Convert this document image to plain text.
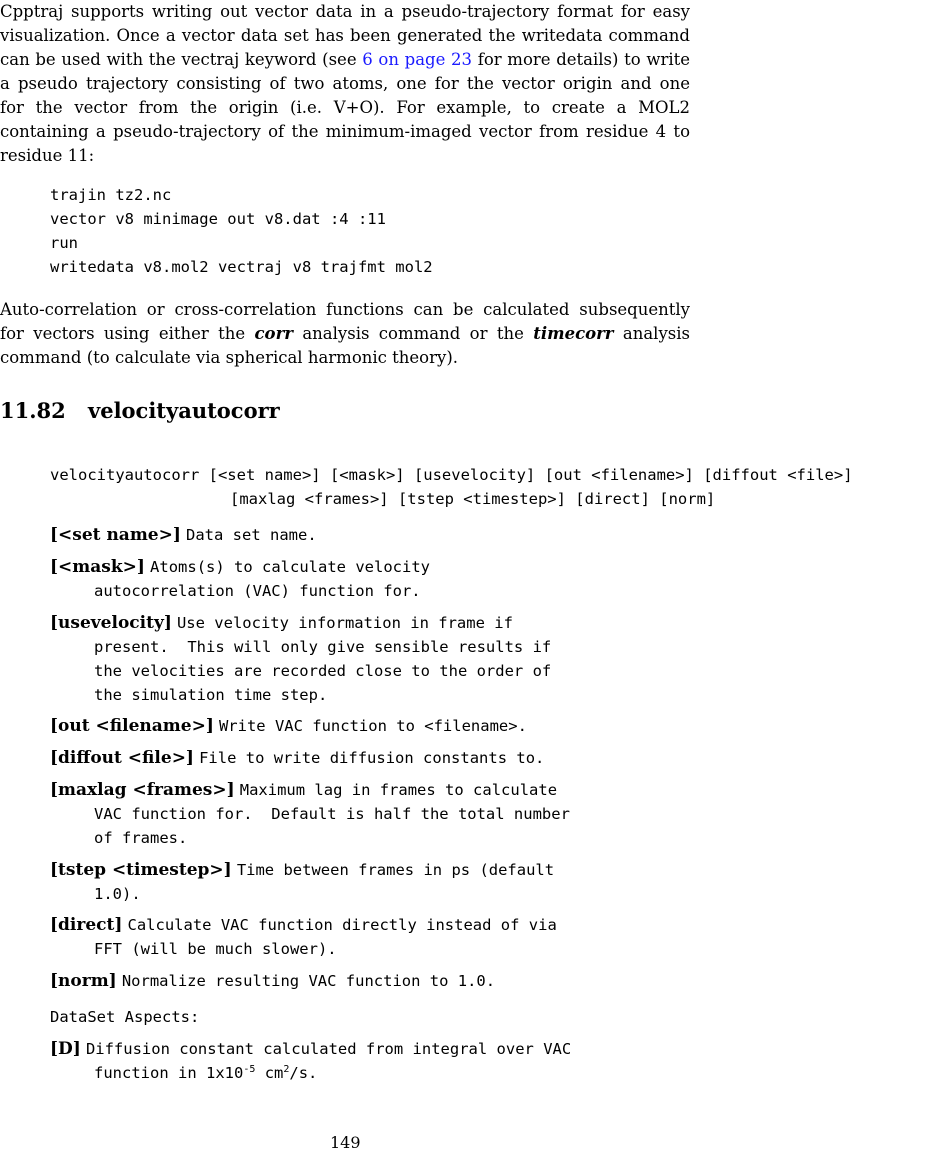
Cpptraj supports writing out vector data in a pseudo-trajectory format for easy
visualization. Once a vector data set has been generated the writedata command
can be used with the vectraj keyword (see 6 on page 23 for more details) to write
a pseudo trajectory consisting of two atoms, one for the vector origin and one
for the vector from the origin (i.e. V+O). For example, to create a MOL2
containing a pseudo-trajectory of the minimum-imaged vector from residue 4 to
residue 11:
trajin tz2.nc
vector v8 minimage out v8.dat :4 :11
run
writedata v8.mol2 vectraj v8 trajfmt mol2
Auto-correlation or cross-correlation functions can be calculated subsequently
for vectors using either the corr analysis command or the timecorr analysis
command (to calculate via spherical harmonic theory).
11.82 velocityautocorr
velocityautocorr [<set name>] [<mask>] [usevelocity] [out <filename>] [diffout <file>]
[maxlag <frames>] [tstep <timestep>] [direct] [norm]
[<set name>] Data set name.
[<mask>] Atoms(s) to calculate velocity
autocorrelation (VAC) function for.
[usevelocity] Use velocity information in frame if
present.  This will only give sensible results if
the velocities are recorded close to the order of
the simulation time step.
[out <filename>] Write VAC function to <filename>.
[diffout <file>] File to write diffusion constants to.
[maxlag <frames>] Maximum lag in frames to calculate
VAC function for.  Default is half the total number
of frames.
[tstep <timestep>] Time between frames in ps (default
1.0).
[direct] Calculate VAC function directly instead of via
FFT (will be much slower).
[norm] Normalize resulting VAC function to 1.0.
DataSet Aspects:
[D] Diffusion constant calculated from integral over VAC
function in $1x10^{-5}$ $cm^2/s$.
149
